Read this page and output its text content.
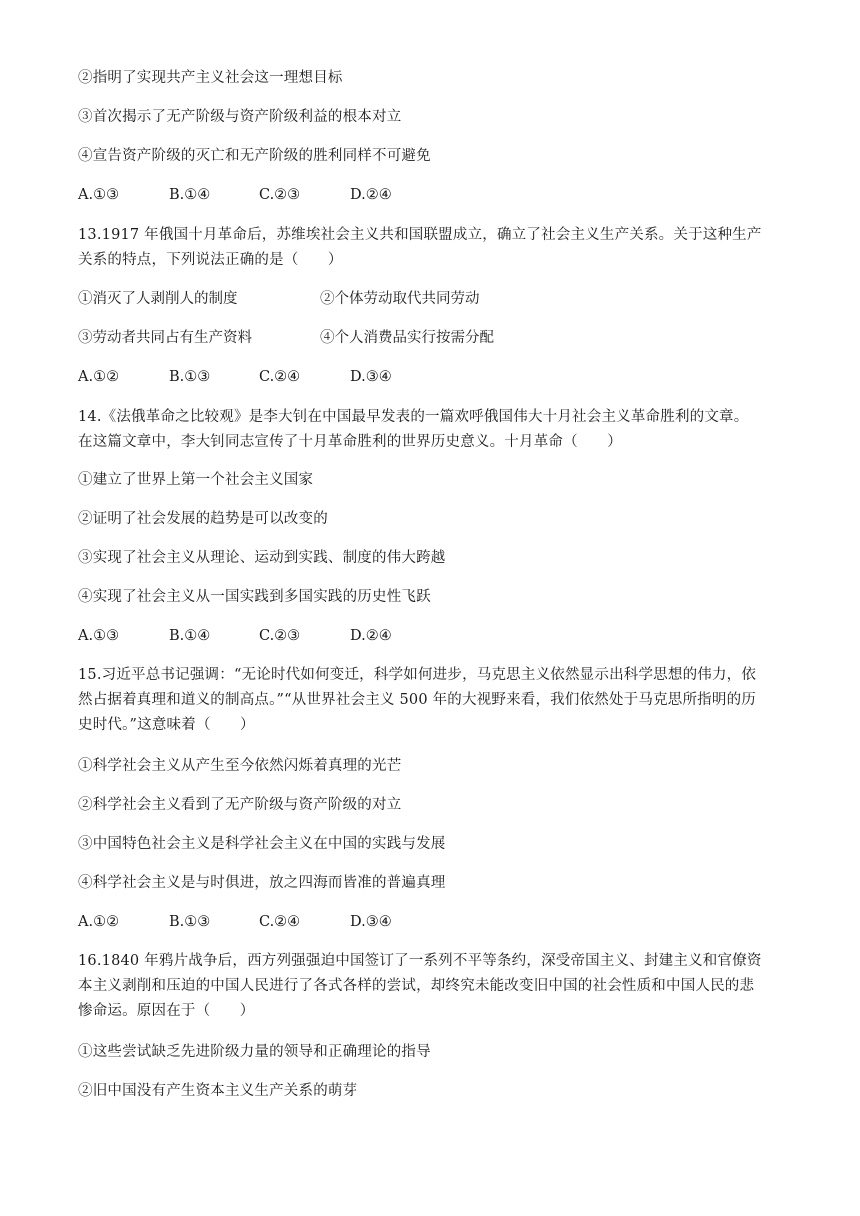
②指明了实现共产主义社会这一理想目标
③首次揭示了无产阶级与资产阶级利益的根本对立
④宣告资产阶级的灭亡和无产阶级的胜利同样不可避免
A.①③	B.①④	C.②③	D.②④
13.1917 年俄国十月革命后，苏维埃社会主义共和国联盟成立，确立了社会主义生产关系。关于这种生产
关系的特点，下列说法正确的是（　　）
①消灭了人剥削人的制度	②个体劳动取代共同劳动
③劳动者共同占有生产资料	④个人消费品实行按需分配
A.①②	B.①③	C.②④	D.③④
14.《法俄革命之比较观》是李大钊在中国最早发表的一篇欢呼俄国伟大十月社会主义革命胜利的文章。
在这篇文章中，李大钊同志宣传了十月革命胜利的世界历史意义。十月革命（　　）
①建立了世界上第一个社会主义国家
②证明了社会发展的趋势是可以改变的
③实现了社会主义从理论、运动到实践、制度的伟大跨越
④实现了社会主义从一国实践到多国实践的历史性飞跃
A.①③	B.①④	C.②③	D.②④
15.习近平总书记强调：“无论时代如何变迁，科学如何进步，马克思主义依然显示出科学思想的伟力，依
然占据着真理和道义的制高点。”“从世界社会主义 500 年的大视野来看，我们依然处于马克思所指明的历
史时代。”这意味着（　　）
①科学社会主义从产生至今依然闪烁着真理的光芒
②科学社会主义看到了无产阶级与资产阶级的对立
③中国特色社会主义是科学社会主义在中国的实践与发展
④科学社会主义是与时俱进，放之四海而皆准的普遍真理
A.①②	B.①③	C.②④	D.③④
16.1840 年鸦片战争后，西方列强强迫中国签订了一系列不平等条约，深受帝国主义、封建主义和官僚资
本主义剥削和压迫的中国人民进行了各式各样的尝试，却终究未能改变旧中国的社会性质和中国人民的悲
惨命运。原因在于（　　）
①这些尝试缺乏先进阶级力量的领导和正确理论的指导
②旧中国没有产生资本主义生产关系的萌芽
